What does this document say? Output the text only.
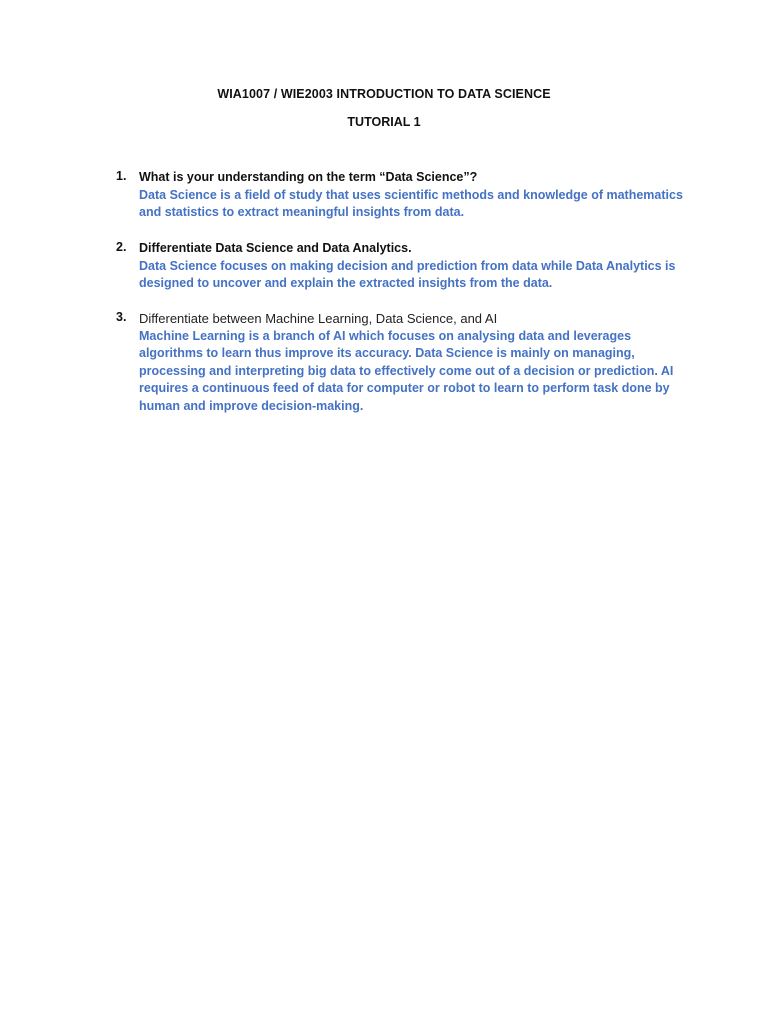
WIA1007 / WIE2003 INTRODUCTION TO DATA SCIENCE
TUTORIAL 1
1.	What is your understanding on the term “Data Science”?
Data Science is a field of study that uses scientific methods and knowledge of mathematics and statistics to extract meaningful insights from data.
2.	Differentiate Data Science and Data Analytics.
Data Science focuses on making decision and prediction from data while Data Analytics is designed to uncover and explain the extracted insights from the data.
3. Differentiate between Machine Learning, Data Science, and AI
Machine Learning is a branch of AI which focuses on analysing data and leverages algorithms to learn thus improve its accuracy. Data Science is mainly on managing, processing and interpreting big data to effectively come out of a decision or prediction. AI requires a continuous feed of data for computer or robot to learn to perform task done by human and improve decision-making.
